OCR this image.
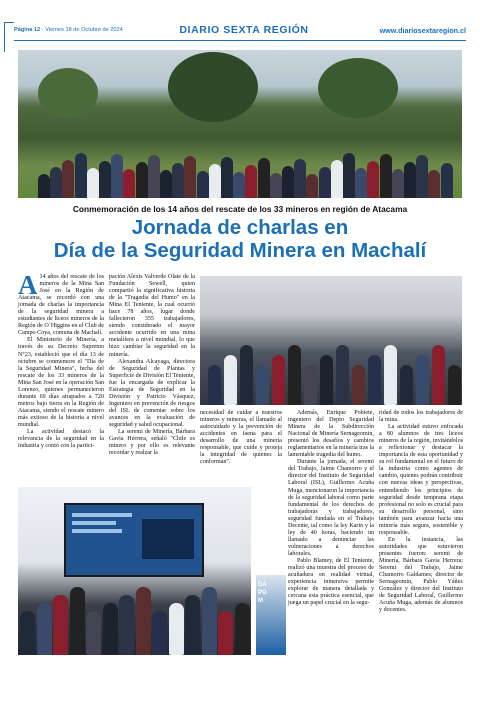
Página 12 - Viernes 18 de Octubre de 2024	DIARIO SEXTA REGIÓN	www.diariosextaregion.cl
Conmemoración de los 14 años del rescate de los 33 mineros en región de Atacama
Jornada de charlas en
Día de la Seguridad Minera en Machalí

A 14 años del rescate de los mineros de la Mina San José en la Región de Atacama, se recordó con una jornada de charlas la importancia de la seguridad minera a estudiantes de liceos mineros de la Región de O´Higgins en el Club de Campo Coya, comuna de Machalí.

El Ministerio de Minería, a través de su Decreto Supremo N°23, estableció que el día 13 de octubre se conmemore el "Día de la Seguridad Minera", fecha del rescate de los 33 mineros de la Mina San José en la operación San Lorenzo, quienes permanecieron durante 69 días atrapados a 720 metros bajo tierra en la Región de Atacama, siendo el rescate minero más exitoso de la historia a nivel mundial.

La actividad destacó la relevancia de la seguridad en la industria y contó con la partici-

pación Alexis Valverde Olate de la Fundación Sewell, quien compartió la significativa historia de la "Tragedia del Humo" en la Mina El Teniente, la cual ocurrió hace 78 años, lugar donde fallecieron 355 trabajadores, siendo considerado el mayor accidente ocurrido en una mina metalífera a nivel mundial, lo que hizo cambiar la seguridad en la minería.

Alexandra Alcayaga, directora de Seguridad de Plantas y Superficie de División El Teniente, fue la encargada de explicar la Estrategia de Seguridad en la División y Patricio Vásquez, Ingeniero en prevención de riesgos del ISL de comentar sobre los avances en la evaluación de seguridad y salud ocupacional.

La seremi de Minería, Bárbara Gavia Herrera, señaló "Chile es minero y por ello es relevante recordar y realzar la

necesidad de cuidar a nuestros mineros y mineras, el llamado al autocuidado y la prevención de accidentes en faena para el desarrollo de una minería responsable, que cuide y proteja la integridad de quienes la conforman".

Además, Enrique Pobiete, ingeniero del Depto Seguridad Minera de la Subdirección Nacional de Minería Sernageomin, presentó los desafíos y cambios reglamentarios en la minería tras la lamentable tragedia del humo.

Durante la jornada, el seremi del Trabajo, Jaime Chamorro y el director del Instituto de Seguridad Laboral (ISL), Guillermo Acuña Muga, mencionaron la importancia de la seguridad laboral como parte fundamental de los derechos de trabajadoras y trabajadores, seguridad fundada en el Trabajo Decente, tal como la ley Karin y la ley de 40 horas, haciendo un llamado a denunciar las vulneraciones a derechos laborales.

Pablo Blamey, de El Teniente, realizó una muestra del proceso de acuñadura en realidad virtual, experiencia inmersiva permite explorar de manera detallada y cercana esta práctica esencial, que juega un papel crucial en la segu-

ridad de todos los trabajadores de la mina.

La actividad estuvo enfocada a 80 alumnos de tres liceos mineros de la región, invitándolos a reflexionar y destacar la importancia de esta oportunidad y su rol fundamental en el futuro de la industria como agentes de cambio, quienes podrán contribuir con nuevas ideas y perspectivas, entendiendo los principios de seguridad desde temprana etapa profesional no solo es crucial para su desarrollo personal, sino también para avanzar hacia una minería más segura, sostenible y responsable.

En la instancia, las autoridades que estuvieron presentes fueron: seremi de Minería, Bárbara Gavia Herrera; Seremi del Trabajo, Jaime Chamorro Galdames; director de Sernageomin, Pablo Yáñez González y director del Instituto de Seguridad Laboral, Guillermo Acuña Muga, además de alumnos y docentes.

DA
PO
M
